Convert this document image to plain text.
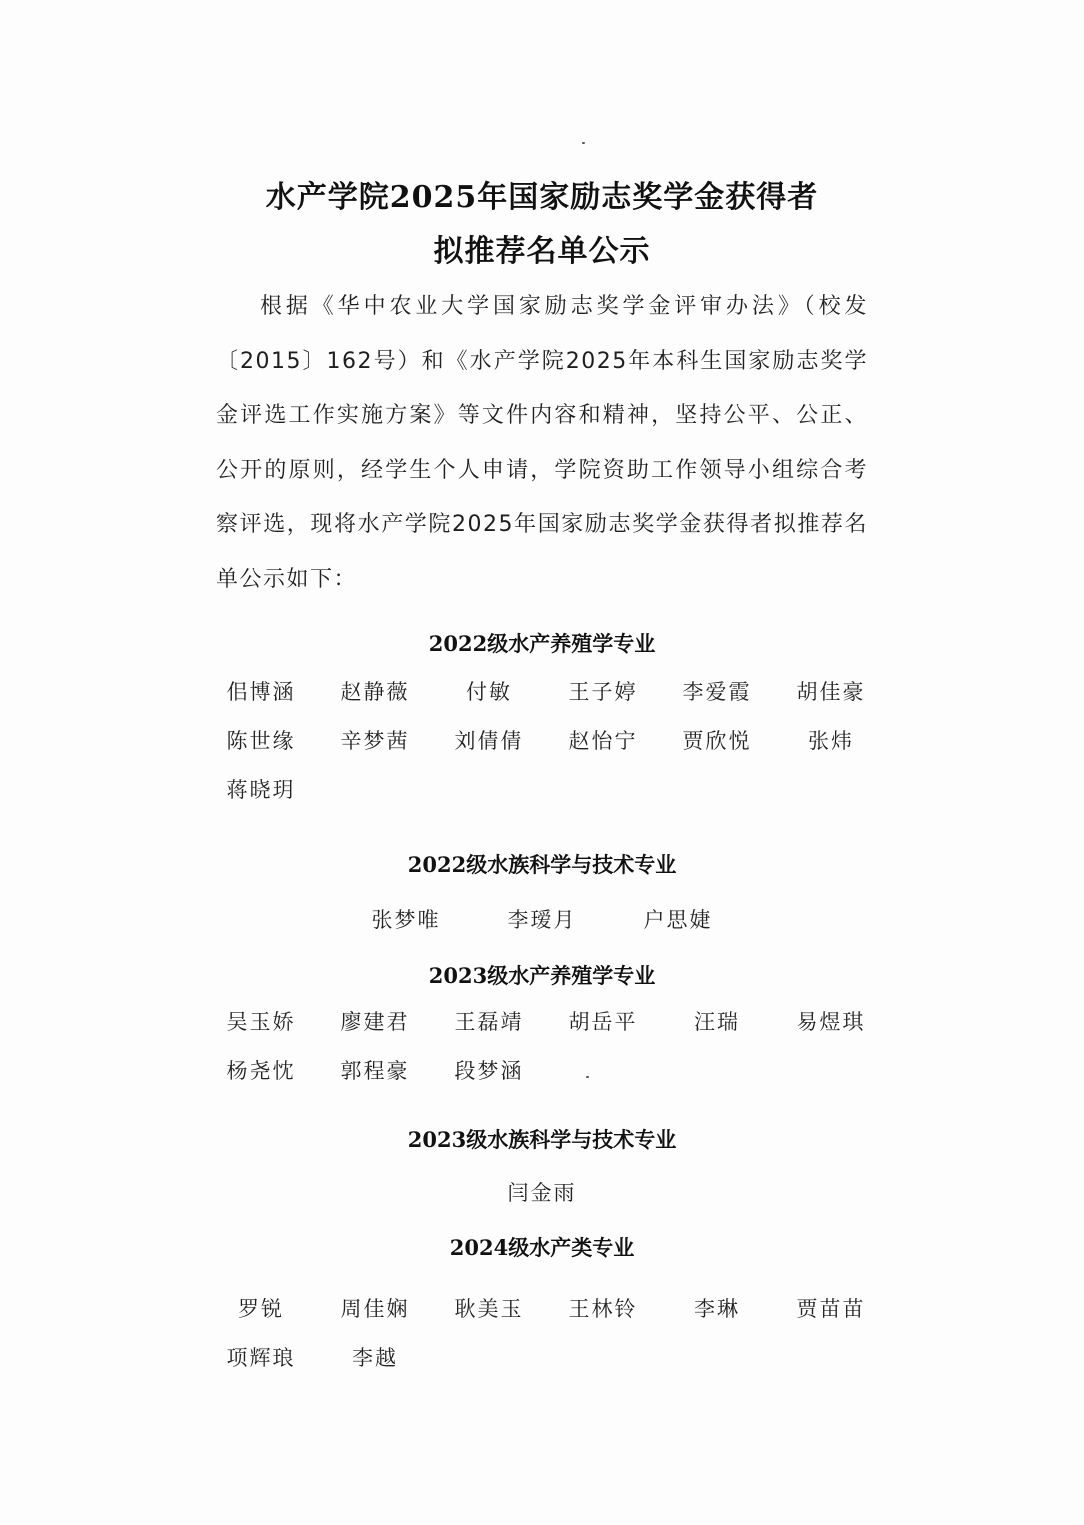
水产学院2025年国家励志奖学金获得者
拟推荐名单公示

根据《华中农业大学国家励志奖学金评审办法》（校发〔2015〕162号）和《水产学院2025年本科生国家励志奖学金评选工作实施方案》等文件内容和精神，坚持公平、公正、公开的原则，经学生个人申请，学院资助工作领导小组综合考察评选，现将水产学院2025年国家励志奖学金获得者拟推荐名单公示如下：

2022级水产养殖学专业
佀博涵	赵静薇	付敏	王子婷	李爱霞	胡佳豪
陈世缘	辛梦茜	刘倩倩	赵怡宁	贾欣悦	张炜
蒋晓玥
2022级水族科学与技术专业
张梦唯	李瑷月	户思婕
2023级水产养殖学专业
吴玉娇	廖建君	王磊靖	胡岳平	汪瑞	易煜琪
杨尧忱	郭程豪	段梦涵
2023级水族科学与技术专业
闫金雨
2024级水产类专业
罗锐	周佳娴	耿美玉	王林铃	李琳	贾苗苗
项辉琅	李越
